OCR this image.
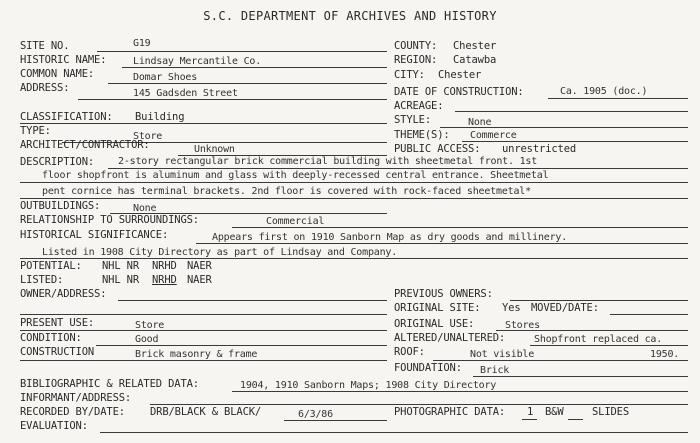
S.C. DEPARTMENT OF ARCHIVES AND HISTORY
SITE NO.	G19	COUNTY: Chester
HISTORIC NAME:	Lindsay Mercantile Co.	REGION: Catawba
COMMON NAME:	Domar Shoes	CITY: Chester
ADDRESS:	145 Gadsden Street	DATE OF CONSTRUCTION:	Ca. 1905 (doc.)
ACREAGE:
CLASSIFICATION: Building
TYPE:	Store
STYLE:	None
THEME(S): Commerce
ARCHITECT/CONTRACTOR:	Unknown	PUBLIC ACCESS: unrestricted
DESCRIPTION: 2-story rectangular brick commercial building with sheetmetal front. 1st
floor shopfront is aluminum and glass with deeply-recessed central entrance. Sheetmetal
pent cornice has terminal brackets. 2nd floor is covered with rock-faced sheetmetal*
OUTBUILDINGS:	None
RELATIONSHIP TO SURROUNDINGS:	Commercial
HISTORICAL SIGNIFICANCE:	Appears first on 1910 Sanborn Map as dry goods and millinery.
Listed in 1908 City Directory as part of Lindsay and Company.
POTENTIAL: NHL NR NRHD NAER
LISTED:	NHL NR NRHD NAER
OWNER/ADDRESS:	PREVIOUS OWNERS:
ORIGINAL SITE: Yes MOVED/DATE:
PRESENT USE:	Store	ORIGINAL USE:	Stores
CONDITION:	Good	ALTERED/UNALTERED:	Shopfront replaced ca.
CONSTRUCTION	Brick masonry & frame	ROOF:	Not visible	1950.
FOUNDATION: Brick
BIBLIOGRAPHIC & RELATED DATA:	1904, 1910 Sanborn Maps; 1908 City Directory
INFORMANT/ADDRESS:
RECORDED BY/DATE: DRB/BLACK & BLACK/	6/3/86	PHOTOGRAPHIC DATA: 1 B&W	SLIDES
EVALUATION:
